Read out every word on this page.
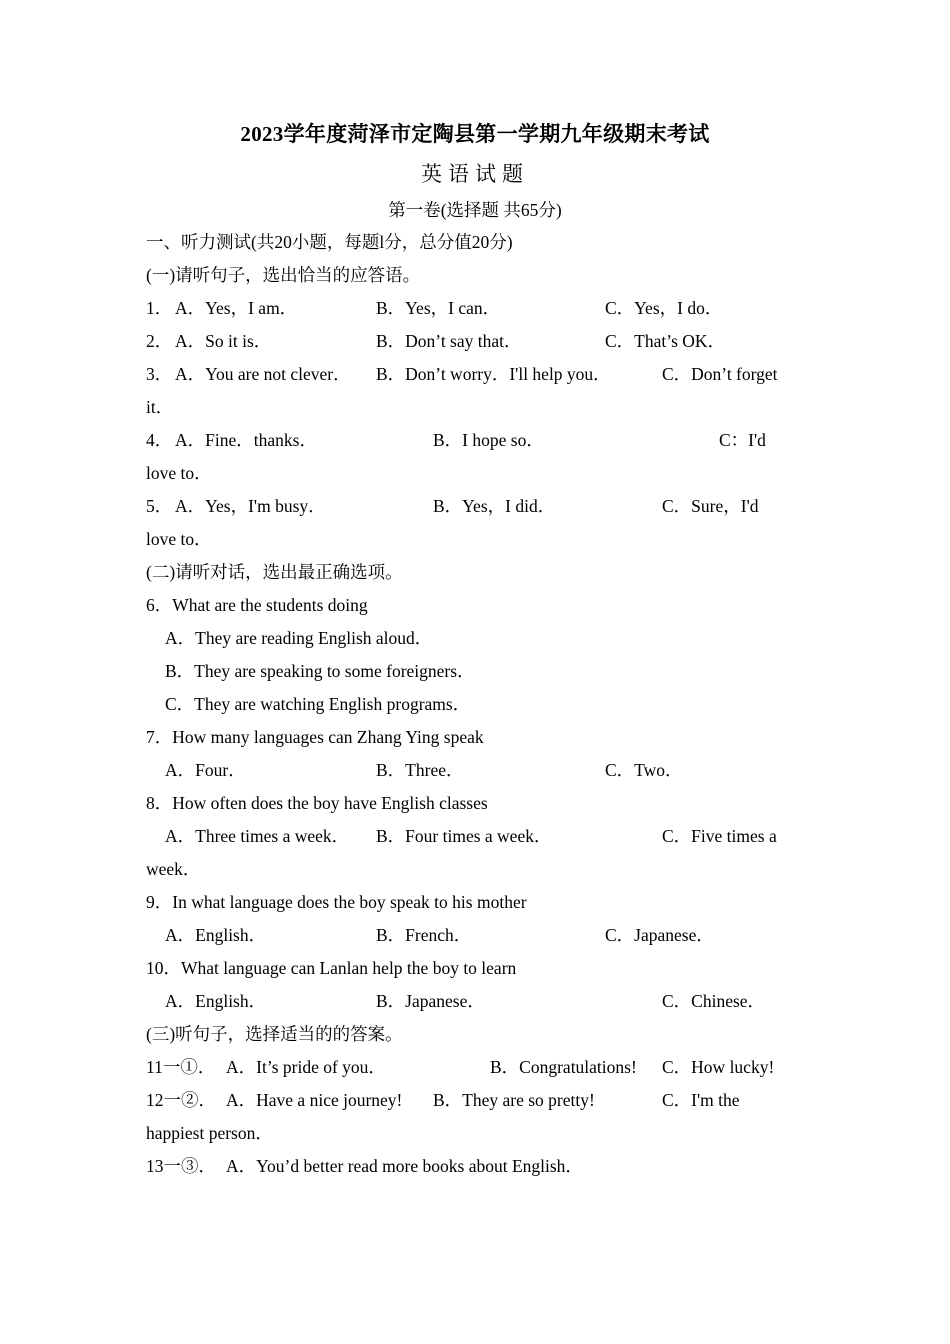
2023学年度菏泽市定陶县第一学期九年级期末考试
英语试题
第一卷(选择题 共65分)
一、听力测试(共20小题，每题l分，总分值20分)
(一)请听句子，选出恰当的应答语。
1． A．Yes，I am．	B．Yes，I can．	C．Yes，I do．
2． A．So it is．	B．Don’t say that．	C．That’s OK．
3． A．You are not clever． B．Don’t worry．I'll help you．	C．Don’t forget
it．
4． A．Fine．thanks．	B．I hope so．	C：I'd
love to．
5． A．Yes，I'm busy．	B．Yes，I did．	C．Sure，I'd
love to．
(二)请听对话，选出最正确选项。
6．What are the students doing
A．They are reading English aloud．
B．They are speaking to some foreigners．
C．They are watching English programs．
7．How many languages can Zhang Ying speak
A．Four．	B．Three．	C．Two．
8．How often does the boy have English classes
A．Three times a week． B．Four times a week．	C．Five times a
week．
9．In what language does the boy speak to his mother
A．English．	B．French．	C．Japanese．
10．What language can Lanlan help the boy to learn
A．English．	B．Japanese．	C．Chinese．
(三)听句子，选择适当的的答案。
11一①． A．It’s pride of you．	B．Congratulations! C．How lucky!
12一②． A．Have a nice journey! B．They are so pretty!	C．I'm the
happiest person．
13一③． A．You’d better read more books about English．
